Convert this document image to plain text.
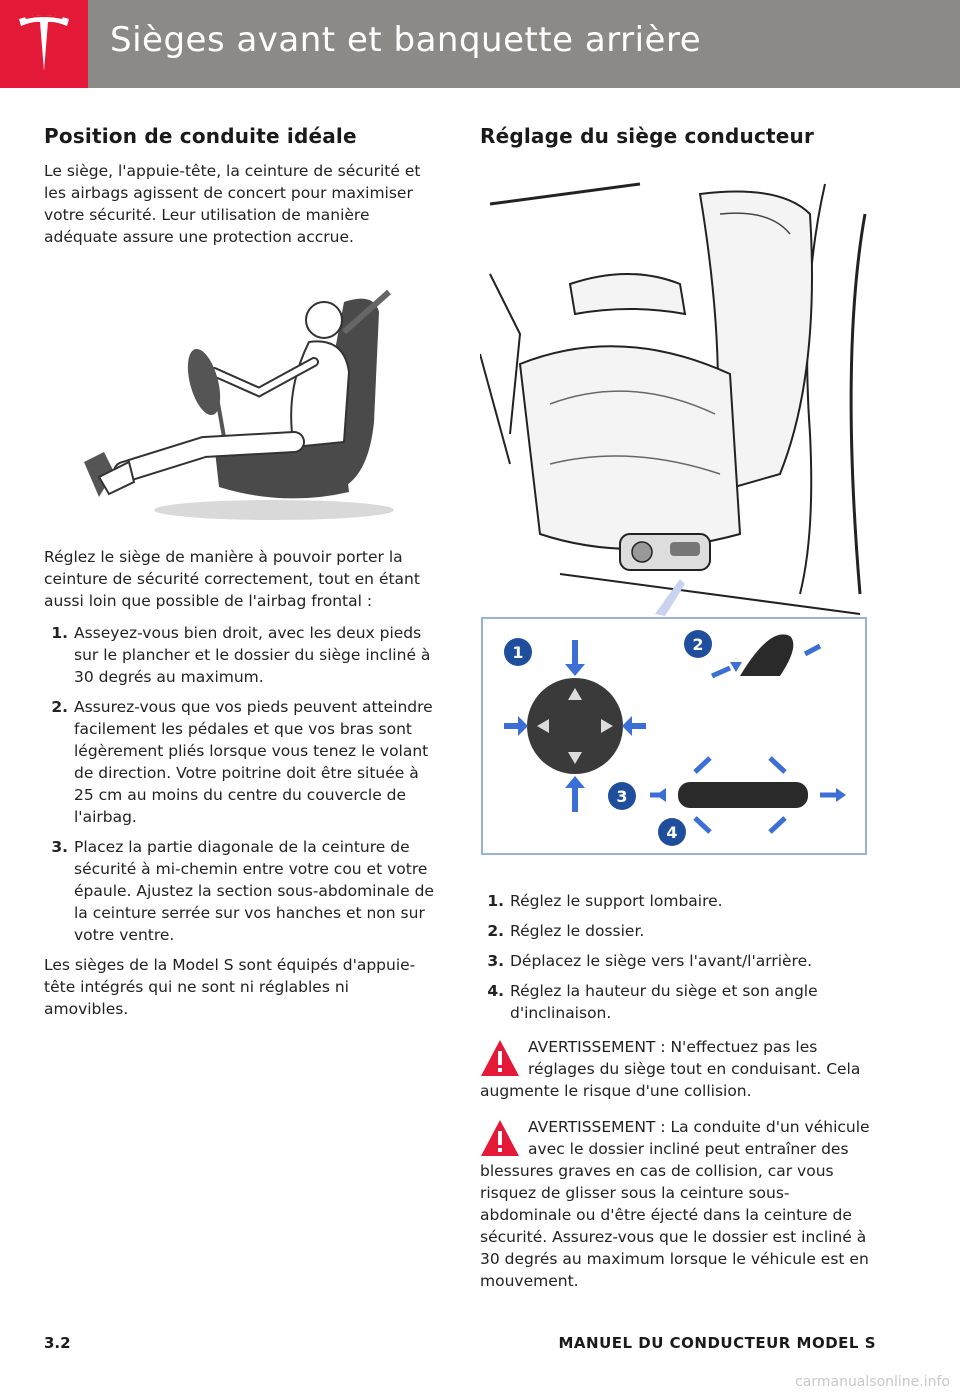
Sièges avant et banquette arrière
Position de conduite idéale

Le siège, l'appuie-tête, la ceinture de sécurité et les airbags agissent de concert pour maximiser votre sécurité. Leur utilisation de manière adéquate assure une protection accrue.

Réglez le siège de manière à pouvoir porter la ceinture de sécurité correctement, tout en étant aussi loin que possible de l'airbag frontal :

1. Asseyez-vous bien droit, avec les deux pieds sur le plancher et le dossier du siège incliné à 30 degrés au maximum.
2. Assurez-vous que vos pieds peuvent atteindre facilement les pédales et que vos bras sont légèrement pliés lorsque vous tenez le volant de direction. Votre poitrine doit être située à 25 cm au moins du centre du couvercle de l'airbag.
3. Placez la partie diagonale de la ceinture de sécurité à mi-chemin entre votre cou et votre épaule. Ajustez la section sous-abdominale de la ceinture serrée sur vos hanches et non sur votre ventre.

Les sièges de la Model S sont équipés d'appuie-tête intégrés qui ne sont ni réglables ni amovibles.

Réglage du siège conducteur
1	2
3
4
1. Réglez le support lombaire.
2. Réglez le dossier.
3. Déplacez le siège vers l'avant/l'arrière.
4. Réglez la hauteur du siège et son angle d'inclinaison.
AVERTISSEMENT : N'effectuez pas les réglages du siège tout en conduisant. Cela augmente le risque d'une collision.
AVERTISSEMENT : La conduite d'un véhicule avec le dossier incliné peut entraîner des blessures graves en cas de collision, car vous risquez de glisser sous la ceinture sous-abdominale ou d'être éjecté dans la ceinture de sécurité. Assurez-vous que le dossier est incliné à 30 degrés au maximum lorsque le véhicule est en mouvement.
3.2	MANUEL DU CONDUCTEUR MODEL S
carmanualsonline.info
